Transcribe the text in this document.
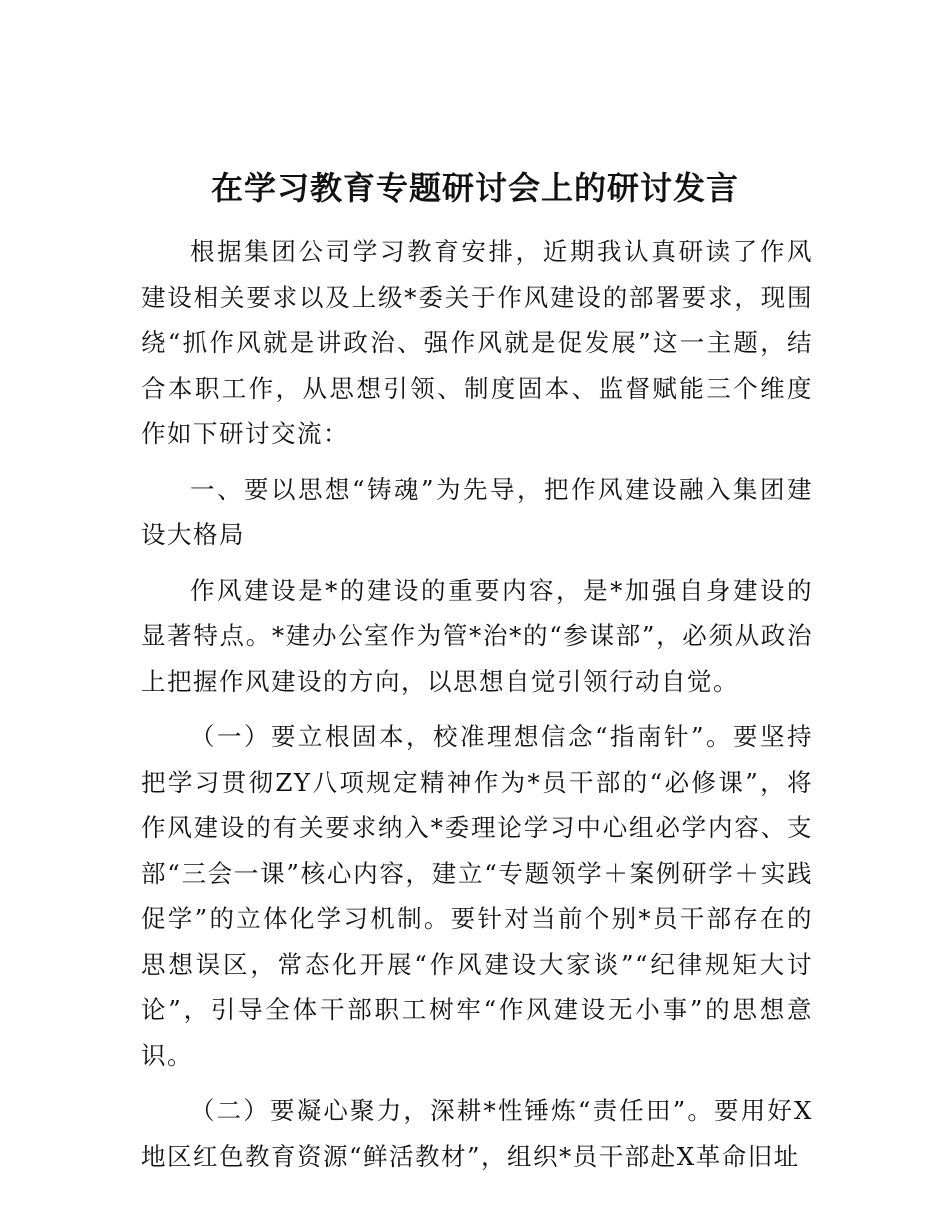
在学习教育专题研讨会上的研讨发言

根据集团公司学习教育安排，近期我认真研读了作风建设相关要求以及上级*委关于作风建设的部署要求，现围绕“抓作风就是讲政治、强作风就是促发展”这一主题，结合本职工作，从思想引领、制度固本、监督赋能三个维度作如下研讨交流：

一、要以思想“铸魂”为先导，把作风建设融入集团建设大格局

作风建设是*的建设的重要内容，是*加强自身建设的显著特点。*建办公室作为管*治*的“参谋部”，必须从政治上把握作风建设的方向，以思想自觉引领行动自觉。

（一）要立根固本，校准理想信念“指南针”。要坚持把学习贯彻ZY八项规定精神作为*员干部的“必修课”，将作风建设的有关要求纳入*委理论学习中心组必学内容、支部“三会一课”核心内容，建立“专题领学＋案例研学＋实践促学”的立体化学习机制。要针对当前个别*员干部存在的思想误区，常态化开展“作风建设大家谈”“纪律规矩大讨论”，引导全体干部职工树牢“作风建设无小事”的思想意识。

（二）要凝心聚力，深耕*性锤炼“责任田”。要用好X地区红色教育资源“鲜活教材”，组织*员干部赴X革命旧址
